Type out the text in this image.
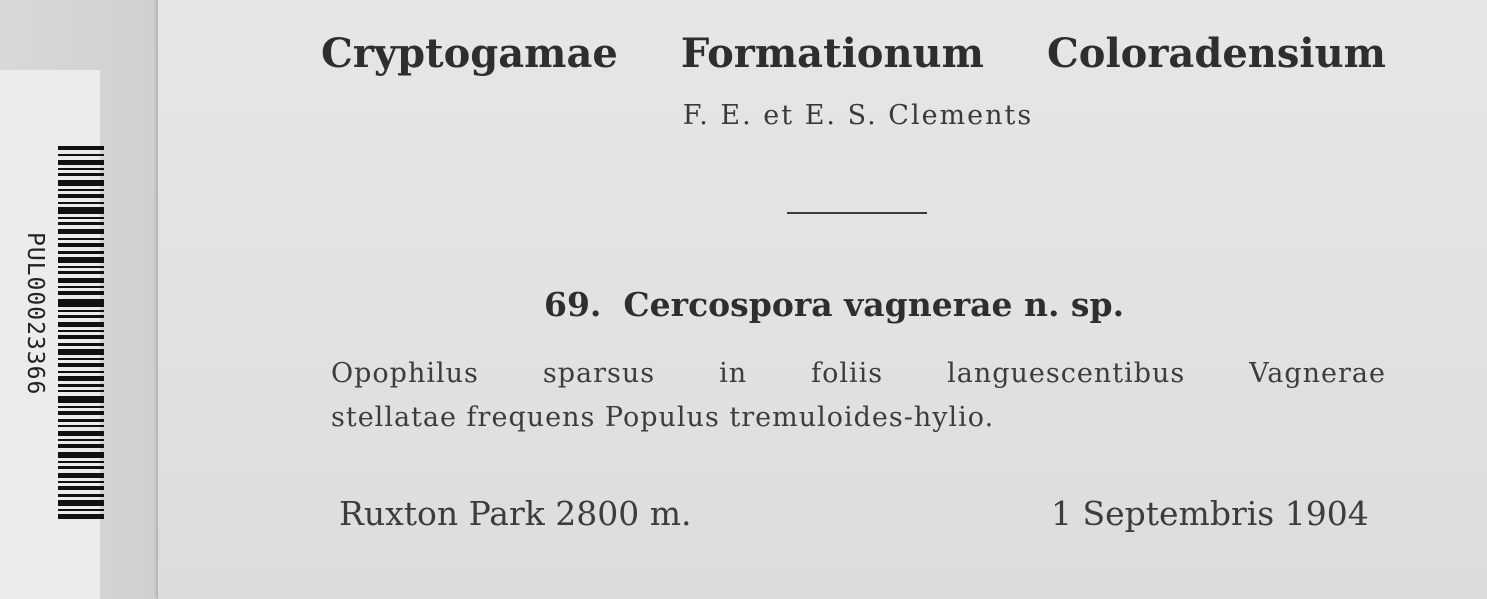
PUL00023366
Cryptogamae Formationum Coloradensium
F. E. et E. S. Clements
69. Cercospora vagnerae n. sp.
Opophilus sparsus in foliis languescentibus Vagnerae
stellatae frequens Populus tremuloides-hylio.
Ruxton Park 2800 m.	1 Septembris 1904
